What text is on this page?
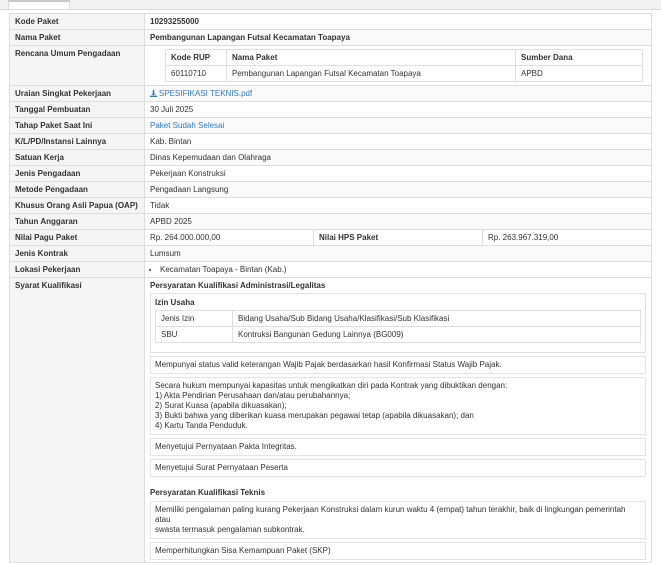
Kode Paket	10293255000
Nama Paket	Pembangunan Lapangan Futsal Kecamatan Toapaya
Rencana Umum Pengadaan		Kode RUP	Nama Paket	Sumber Dana
60110710	Pembangunan Lapangan Futsal Kecamatan Toapaya	APBD

Uraian Singkat Pekerjaan	SPESIFIKASI TEKNIS.pdf
Tanggal Pembuatan	30 Juli 2025
Tahap Paket Saat Ini	Paket Sudah Selesai
K/L/PD/Instansi Lainnya	Kab. Bintan
Satuan Kerja	Dinas Kepemudaan dan Olahraga
Jenis Pengadaan	Pekerjaan Konstruksi
Metode Pengadaan	Pengadaan Langsung
Khusus Orang Asli Papua (OAP)	Tidak
Tahun Anggaran	APBD 2025
Nilai Pagu Paket	Rp. 264.000.000,00	Nilai HPS Paket	Rp. 263.967.319,00
Jenis Kontrak	Lumsum
Lokasi Pekerjaan	
•Kecamatan Toapaya - Bintan (Kab.)

Syarat Kualifikasi	Persyaratan Kualifikasi Administrasi/Legalitas
Izin Usaha
Jenis Izin	Bidang Usaha/Sub Bidang Usaha/Klasifikasi/Sub Klasifikasi
SBU	Kontruksi Bangunan Gedung Lainnya (BG009)
Mempunyai status valid keterangan Wajib Pajak berdasarkan hasil Konfirmasi Status Wajib Pajak.
Secara hukum mempunyai kapasitas untuk mengikatkan diri pada Kontrak yang dibuktikan dengan:
1) Akta Pendirian Perusahaan dan/atau perubahannya;
2) Surat Kuasa (apabila dikuasakan);
3) Bukti bahwa yang diberikan kuasa merupakan pegawai tetap (apabila dikuasakan); dan
4) Kartu Tanda Penduduk.
Menyetujui Pernyataan Pakta Integritas.
Menyetujui Surat Pernyataan Peserta
Persyaratan Kualifikasi Teknis
Memiliki pengalaman paling kurang Pekerjaan Konstruksi dalam kurun waktu 4 (empat) tahun terakhir, baik di lingkungan pemerintah atau
swasta termasuk pengalaman subkontrak.
Memperhitungkan Sisa Kemampuan Paket (SKP)
